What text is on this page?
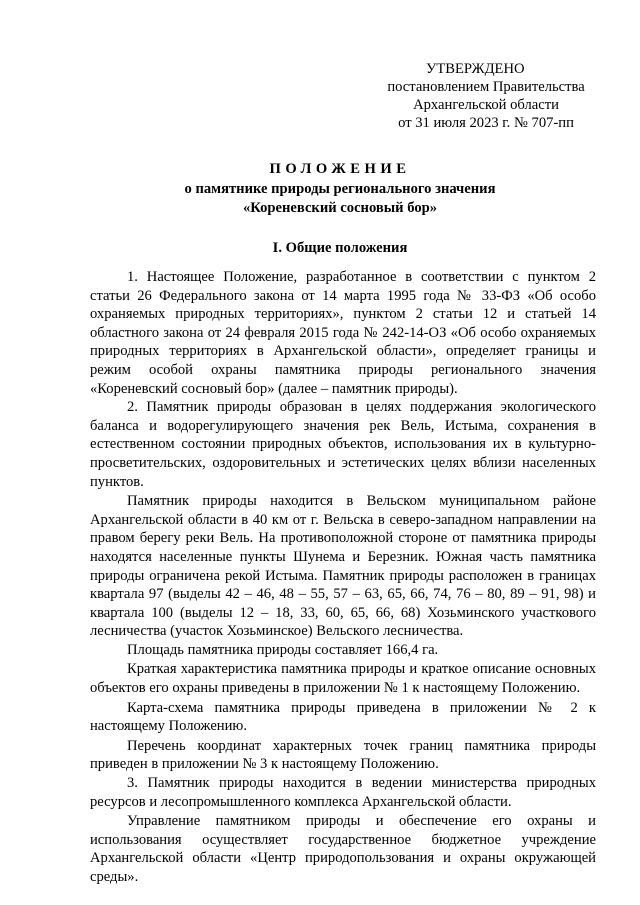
УТВЕРЖДЕНО
постановлением Правительства
Архангельской области
от 31 июля 2023 г. № 707-пп
ПОЛОЖЕНИЕ
о памятнике природы регионального значения
«Кореневский сосновый бор»
I. Общие положения

1. Настоящее Положение, разработанное в соответствии с пунктом 2 статьи 26 Федерального закона от 14 марта 1995 года № 33-ФЗ «Об особо охраняемых природных территориях», пунктом 2 статьи 12 и статьей 14 областного закона от 24 февраля 2015 года № 242-14-ОЗ «Об особо охраняемых природных территориях в Архангельской области», определяет границы и режим особой охраны памятника природы регионального значения «Кореневский сосновый бор» (далее – памятник природы).

2. Памятник природы образован в целях поддержания экологического баланса и водорегулирующего значения рек Вель, Истыма, сохранения в естественном состоянии природных объектов, использования их в культурно-просветительских, оздоровительных и эстетических целях вблизи населенных пунктов.

Памятник природы находится в Вельском муниципальном районе Архангельской области в 40 км от г. Вельска в северо-западном направлении на правом берегу реки Вель. На противоположной стороне от памятника природы находятся населенные пункты Шунема и Березник. Южная часть памятника природы ограничена рекой Истыма. Памятник природы расположен в границах квартала 97 (выделы 42 – 46, 48 – 55, 57 – 63, 65, 66, 74, 76 – 80, 89 – 91, 98) и квартала 100 (выделы 12 – 18, 33, 60, 65, 66, 68) Хозьминского участкового лесничества (участок Хозьминское) Вельского лесничества.

Площадь памятника природы составляет 166,4 га.

Краткая характеристика памятника природы и краткое описание основных объектов его охраны приведены в приложении № 1 к настоящему Положению.

Карта-схема памятника природы приведена в приложении № 2 к настоящему Положению.

Перечень координат характерных точек границ памятника природы приведен в приложении № 3 к настоящему Положению.

3. Памятник природы находится в ведении министерства природных ресурсов и лесопромышленного комплекса Архангельской области.

Управление памятником природы и обеспечение его охраны и использования осуществляет государственное бюджетное учреждение Архангельской области «Центр природопользования и охраны окружающей среды».
